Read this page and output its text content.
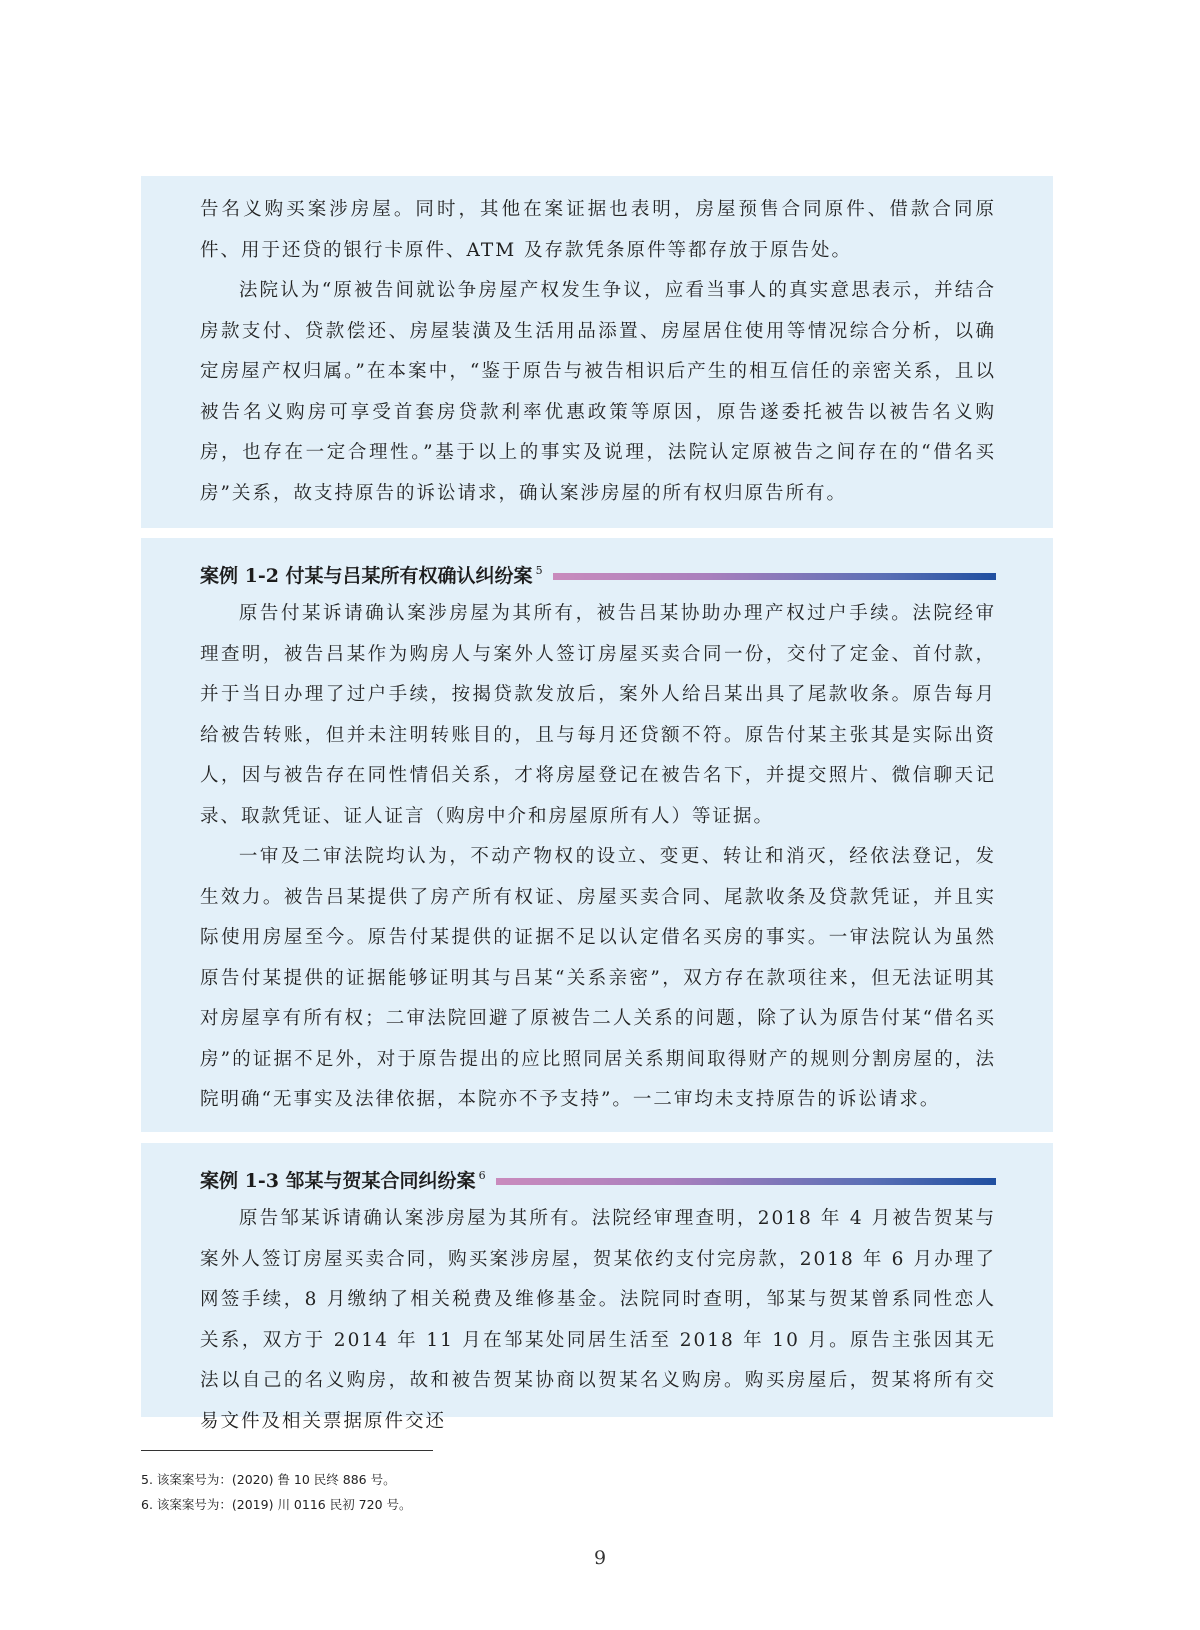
告名义购买案涉房屋。同时，其他在案证据也表明，房屋预售合同原件、借款合同原件、用于还贷的银行卡原件、ATM 及存款凭条原件等都存放于原告处。

法院认为“原被告间就讼争房屋产权发生争议，应看当事人的真实意思表示，并结合房款支付、贷款偿还、房屋装潢及生活用品添置、房屋居住使用等情况综合分析，以确定房屋产权归属。”在本案中，“鉴于原告与被告相识后产生的相互信任的亲密关系，且以被告名义购房可享受首套房贷款利率优惠政策等原因，原告遂委托被告以被告名义购房，也存在一定合理性。”基于以上的事实及说理，法院认定原被告之间存在的“借名买房”关系，故支持原告的诉讼请求，确认案涉房屋的所有权归原告所有。

案例 1-2 付某与吕某所有权确认纠纷案 $^5$

原告付某诉请确认案涉房屋为其所有，被告吕某协助办理产权过户手续。法院经审理查明，被告吕某作为购房人与案外人签订房屋买卖合同一份，交付了定金、首付款，并于当日办理了过户手续，按揭贷款发放后，案外人给吕某出具了尾款收条。原告每月给被告转账，但并未注明转账目的，且与每月还贷额不符。原告付某主张其是实际出资人，因与被告存在同性情侣关系，才将房屋登记在被告名下，并提交照片、微信聊天记录、取款凭证、证人证言（购房中介和房屋原所有人）等证据。

一审及二审法院均认为，不动产物权的设立、变更、转让和消灭，经依法登记，发生效力。被告吕某提供了房产所有权证、房屋买卖合同、尾款收条及贷款凭证，并且实际使用房屋至今。原告付某提供的证据不足以认定借名买房的事实。一审法院认为虽然原告付某提供的证据能够证明其与吕某“关系亲密”，双方存在款项往来，但无法证明其对房屋享有所有权；二审法院回避了原被告二人关系的问题，除了认为原告付某“借名买房”的证据不足外，对于原告提出的应比照同居关系期间取得财产的规则分割房屋的，法院明确“无事实及法律依据，本院亦不予支持”。一二审均未支持原告的诉讼请求。

案例 1-3 邹某与贺某合同纠纷案 $^6$

原告邹某诉请确认案涉房屋为其所有。法院经审理查明，2018 年 4 月被告贺某与案外人签订房屋买卖合同，购买案涉房屋，贺某依约支付完房款，2018 年 6 月办理了网签手续，8 月缴纳了相关税费及维修基金。法院同时查明，邹某与贺某曾系同性恋人关系，双方于 2014 年 11 月在邹某处同居生活至 2018 年 10 月。原告主张因其无法以自己的名义购房，故和被告贺某协商以贺某名义购房。购买房屋后，贺某将所有交易文件及相关票据原件交还

5. 该案案号为：(2020) 鲁 10 民终 886 号。
6. 该案案号为：(2019) 川 0116 民初 720 号。
9
